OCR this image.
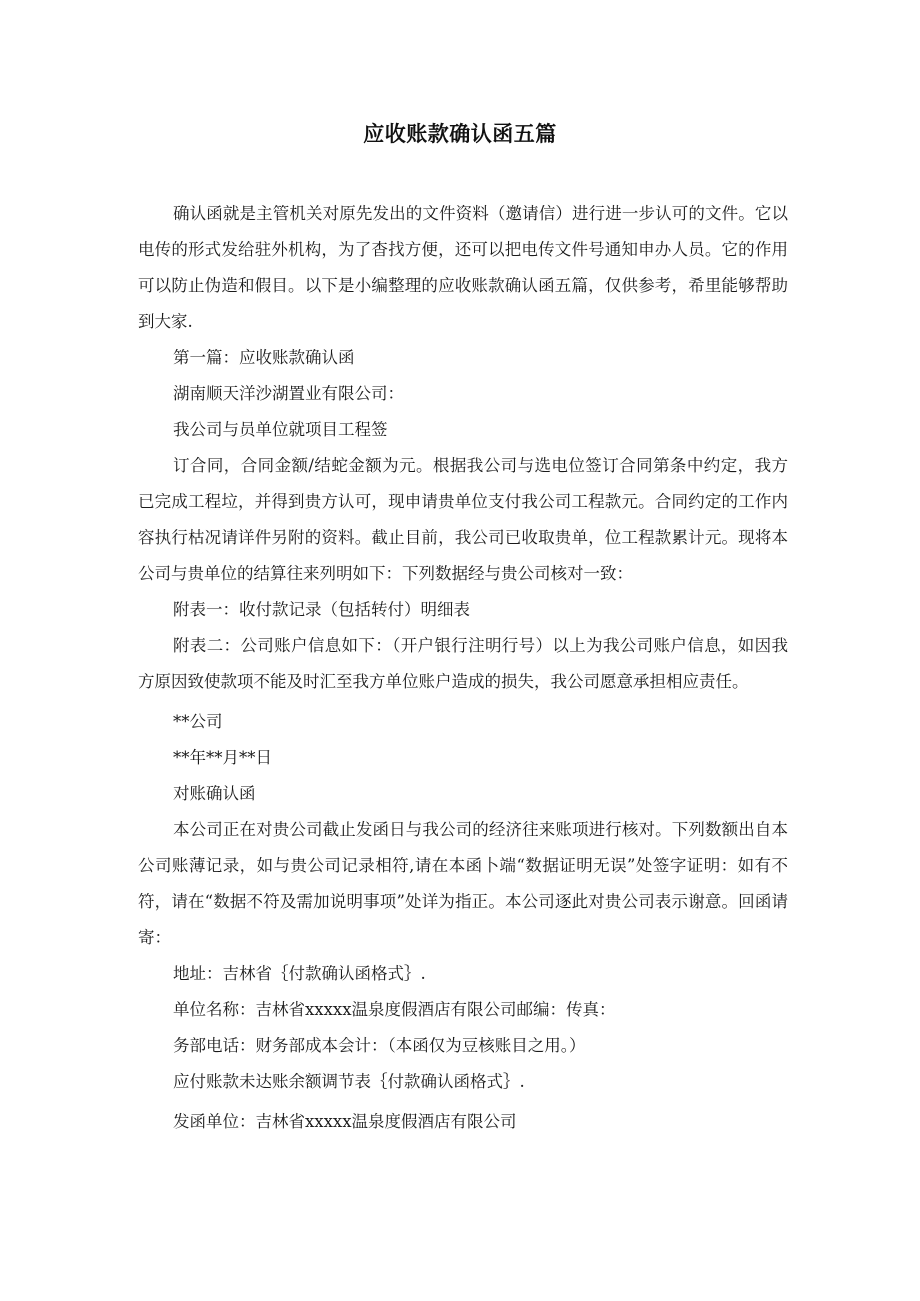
应收账款确认函五篇

确认函就是主管机关对原先发出的文件资料（邀请信）进行进一步认可的文件。它以电传的形式发给驻外机构，为了杳找方便，还可以把电传文件号通知申办人员。它的作用可以防止伪造和假目。以下是小编整理的应收账款确认函五篇，仅供参考，希里能够帮助到大家.

第一篇：应收账款确认函

湖南顺天洋沙湖置业有限公司：

我公司与员单位就项目工程签

订合同，合同金额/结蛇金额为元。根据我公司与选电位签订合同第条中约定，我方已完成工程垃，并得到贵方认可，现申请贵单位支付我公司工程款元。合同约定的工作内容执行枯况请详件另附的资料。截止目前，我公司已收取贵单，位工程款累计元。现将本公司与贵单位的结算往来列明如下：下列数据经与贵公司核对一致：

附表一：收付款记录（包括转付）明细表

附表二：公司账户信息如下：（开户银行注明行号）以上为我公司账户信息，如因我方原因致使款项不能及时汇至我方单位账户造成的损失，我公司愿意承担相应责任。

**公司

**年**月**日

对账确认函

本公司正在对贵公司截止发函日与我公司的经济往来账项进行核对。下列数额出自本公司账薄记录，如与贵公司记录相符,请在本函卜端“数据证明无误”处签字证明：如有不符，请在“数据不符及需加说明事项”处详为指正。本公司逐此对贵公司表示谢意。回函请寄：

地址：吉林省｛付款确认函格式｝.

单位名称：吉林省xxxxx温泉度假酒店有限公司邮编：传真：

务部电话：财务部成本会计：（本函仅为豆核账目之用。）

应付账款未达账余额调节表｛付款确认函格式｝.

发函单位：吉林省xxxxx温泉度假酒店有限公司
